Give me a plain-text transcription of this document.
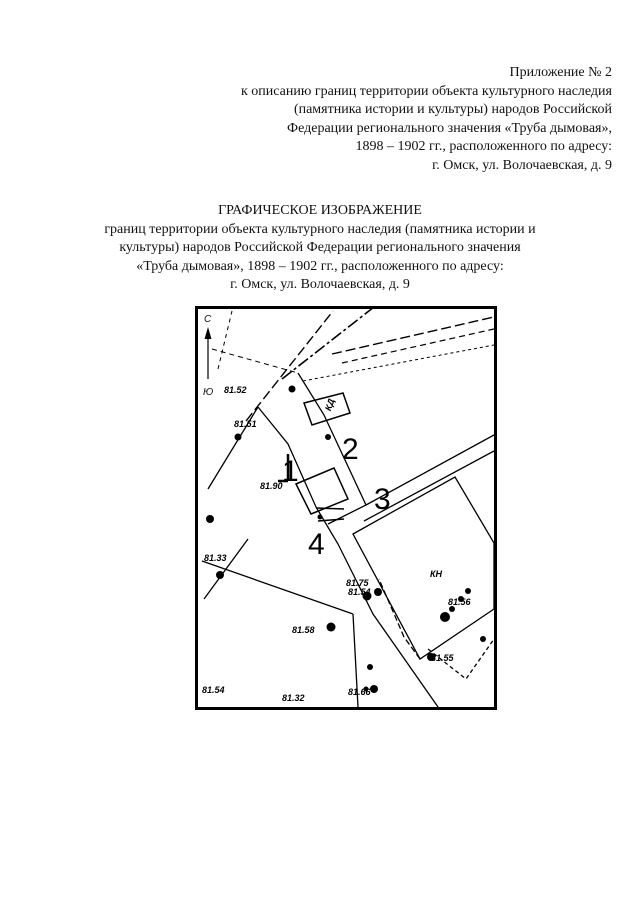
Приложение № 2
к описанию границ территории объекта культурного наследия
(памятника истории и культуры) народов Российской
Федерации регионального значения «Труба дымовая»,
1898 – 1902 гг., расположенного по адресу:
г. Омск, ул. Волочаевская, д. 9
ГРАФИЧЕСКОЕ ИЗОБРАЖЕНИЕ
границ территории объекта культурного наследия (памятника истории и
культуры) народов Российской Федерации регионального значения
«Труба дымовая», 1898 – 1902 гг., расположенного по адресу:
г. Омск, ул. Волочаевская, д. 9
С
Ю
1
2
3
4
81.52
81.90
81.51
81.33
81.75
81.54
КН
81.56
81.58
81.54
81.32
81.66
81.55
КД
